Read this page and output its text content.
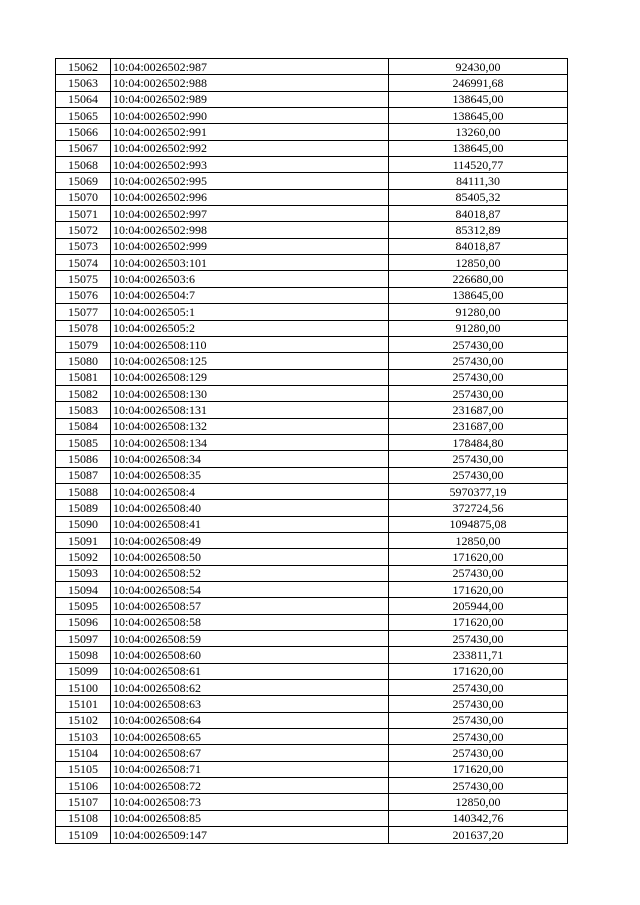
15062	10:04:0026502:987	92430,00
15063	10:04:0026502:988	246991,68
15064	10:04:0026502:989	138645,00
15065	10:04:0026502:990	138645,00
15066	10:04:0026502:991	13260,00
15067	10:04:0026502:992	138645,00
15068	10:04:0026502:993	114520,77
15069	10:04:0026502:995	84111,30
15070	10:04:0026502:996	85405,32
15071	10:04:0026502:997	84018,87
15072	10:04:0026502:998	85312,89
15073	10:04:0026502:999	84018,87
15074	10:04:0026503:101	12850,00
15075	10:04:0026503:6	226680,00
15076	10:04:0026504:7	138645,00
15077	10:04:0026505:1	91280,00
15078	10:04:0026505:2	91280,00
15079	10:04:0026508:110	257430,00
15080	10:04:0026508:125	257430,00
15081	10:04:0026508:129	257430,00
15082	10:04:0026508:130	257430,00
15083	10:04:0026508:131	231687,00
15084	10:04:0026508:132	231687,00
15085	10:04:0026508:134	178484,80
15086	10:04:0026508:34	257430,00
15087	10:04:0026508:35	257430,00
15088	10:04:0026508:4	5970377,19
15089	10:04:0026508:40	372724,56
15090	10:04:0026508:41	1094875,08
15091	10:04:0026508:49	12850,00
15092	10:04:0026508:50	171620,00
15093	10:04:0026508:52	257430,00
15094	10:04:0026508:54	171620,00
15095	10:04:0026508:57	205944,00
15096	10:04:0026508:58	171620,00
15097	10:04:0026508:59	257430,00
15098	10:04:0026508:60	233811,71
15099	10:04:0026508:61	171620,00
15100	10:04:0026508:62	257430,00
15101	10:04:0026508:63	257430,00
15102	10:04:0026508:64	257430,00
15103	10:04:0026508:65	257430,00
15104	10:04:0026508:67	257430,00
15105	10:04:0026508:71	171620,00
15106	10:04:0026508:72	257430,00
15107	10:04:0026508:73	12850,00
15108	10:04:0026508:85	140342,76
15109	10:04:0026509:147	201637,20
